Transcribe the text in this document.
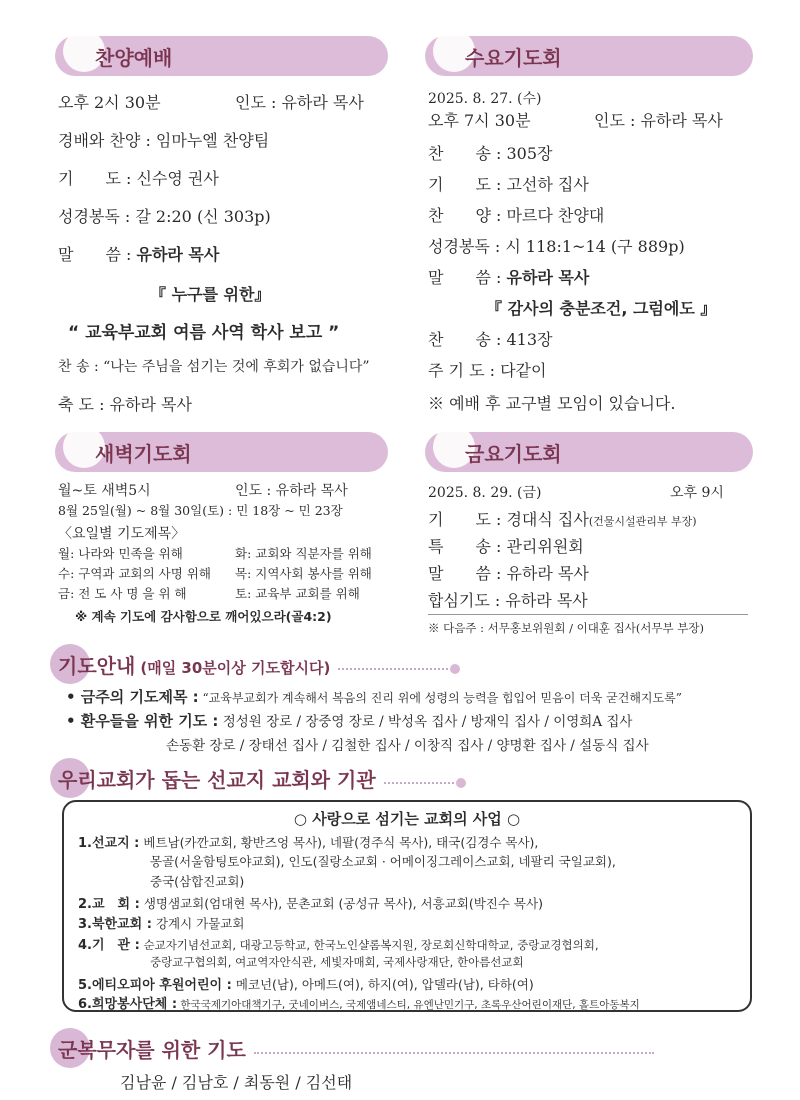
찬양예배
오후 2시 30분	인도 : 유하라 목사
경배와 찬양 : 임마누엘 찬양팀
기　　도 : 신수영 권사
성경봉독 : 갈 2:20 (신 303p)
말　　씀 : 유하라 목사
『 누구를 위한』
“ 교육부교회 여름 사역 학사 보고 ”
찬 송 : “나는 주님을 섬기는 것에 후회가 없습니다”
축 도 : 유하라 목사
수요기도회
2025. 8. 27. (수)
오후 7시 30분	인도 : 유하라 목사
찬　　송 : 305장
기　　도 : 고선하 집사
찬　　양 : 마르다 찬양대
성경봉독 : 시 118:1~14 (구 889p)
말　　씀 : 유하라 목사
『 감사의 충분조건, 그럼에도 』
찬　　송 : 413장
주 기 도 : 다같이
※ 예배 후 교구별 모임이 있습니다.
새벽기도회
월~토 새벽5시	인도 : 유하라 목사
8월 25일(월) ~ 8월 30일(토) : 민 18장 ~ 민 23장
〈요일별 기도제목〉
월: 나라와 민족을 위해	화: 교회와 직분자를 위해
수: 구역과 교회의 사명 위해 목: 지역사회 봉사를 위해
금: 전 도 사 명 을 위 해	토: 교육부 교회를 위해
※ 계속 기도에 감사함으로 깨어있으라(골4:2)
금요기도회
2025. 8. 29. (금)	오후 9시
기　　도 : 경대식 집사(건물시설관리부 부장)
특　　송 : 관리위원회
말　　씀 : 유하라 목사
합심기도 : 유하라 목사
※ 다음주 : 서무홍보위원회 / 이대훈 집사(서무부 부장)
기도안내 (매일 30분이상 기도합시다)
• 금주의 기도제목 : “교육부교회가 계속해서 복음의 진리 위에 성령의 능력을 힙입어 믿음이 더욱 굳건해지도록”
• 환우들을 위한 기도 : 정성원 장로 / 장중영 장로 / 박성옥 집사 / 방재익 집사 / 이영희A 집사
손동환 장로 / 장태선 집사 / 김철한 집사 / 이창직 집사 / 양명환 집사 / 설동식 집사
우리교회가 돕는 선교지 교회와 기관
○ 사랑으로 섬기는 교회의 사업 ○
1.선교지 : 베트남(카깐교회, 황반즈엉 목사), 네팔(경주식 목사), 태국(김경수 목사),
몽골(서울함팅토야교회), 인도(질랑소교회 · 어메이징그레이스교회, 네팔리 국일교회),
중국(삼합진교회)
2.교　회 : 생명샘교회(엄대현 목사), 문촌교회 (공성규 목사), 서흥교회(박진수 목사)
3.북한교회 : 강계시 가물교회
4.기　관 : 순교자기념선교회, 대광고등학교, 한국노인샬롬복지원, 장로회신학대학교, 중랑교경협의회,
중랑교구협의회, 여교역자안식관, 세빛자매회, 국제사랑재단, 한아름선교회
5.에티오피아 후원어린이 : 메코넌(남), 아메드(여), 하지(여), 압델라(남), 타하(여)
6.희망봉사단체 : 한국국제기아대책기구, 굿네이버스, 국제앰네스티, 유엔난민기구, 초록우산어린이재단, 홀트아동복지
군복무자를 위한 기도
김남윤 / 김남호 / 최동원 / 김선태
